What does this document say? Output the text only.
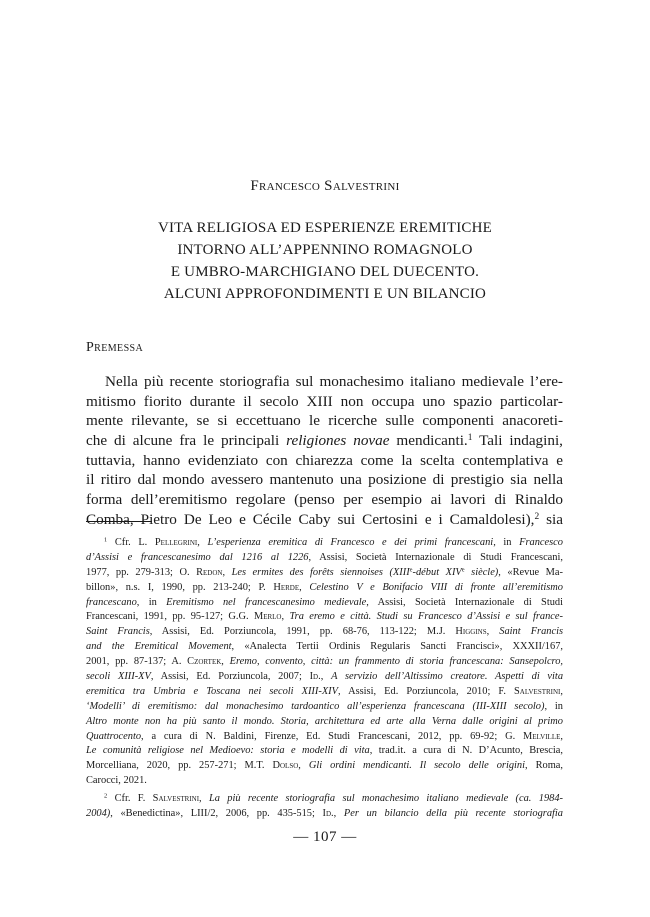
Francesco Salvestrini
VITA RELIGIOSA ED ESPERIENZE EREMITICHE
INTORNO ALL’APPENNINO ROMAGNOLO
E UMBRO-MARCHIGIANO DEL DUECENTO.
ALCUNI APPROFONDIMENTI E UN BILANCIO
Premessa
Nella più recente storiografia sul monachesimo italiano medievale l’ere-
mitismo fiorito durante il secolo XIII non occupa uno spazio particolar-
mente rilevante, se si eccettuano le ricerche sulle componenti anacoreti-
che di alcune fra le principali religiones novae mendicanti.$^1$ Tali indagini,
tuttavia, hanno evidenziato con chiarezza come la scelta contemplativa e
il ritiro dal mondo avessero mantenuto una posizione di prestigio sia nella
forma dell’eremitismo regolare (penso per esempio ai lavori di Rinaldo
Comba, Pietro De Leo e Cécile Caby sui Certosini e i Camaldolesi),$^2$ sia
$^1$ Cfr. L. Pellegrini, L’esperienza eremitica di Francesco e dei primi francescani, in Francesco
d’Assisi e francescanesimo dal 1216 al 1226, Assisi, Società Internazionale di Studi Francescani,
1977, pp. 279-313; O. Redon, Les ermites des forêts siennoises (XIIIe-début XIVe siècle), «Revue Ma-
billon», n.s. I, 1990, pp. 213-240; P. Herde, Celestino V e Bonifacio VIII di fronte all’eremitismo
francescano, in Eremitismo nel francescanesimo medievale, Assisi, Società Internazionale di Studi
Francescani, 1991, pp. 95-127; G.G. Merlo, Tra eremo e città. Studi su Francesco d’Assisi e sul france-
Saint Francis, Assisi, Ed. Porziuncola, 1991, pp. 68-76, 113-122; M.J. Higgins, Saint Francis
and the Eremitical Movement, «Analecta Tertii Ordinis Regularis Sancti Francisci», XXXII/167,
2001, pp. 87-137; A. Czortek, Eremo, convento, città: un frammento di storia francescana: Sansepolcro,
secoli XIII-XV, Assisi, Ed. Porziuncola, 2007; Id., A servizio dell’Altissimo creatore. Aspetti di vita
eremitica tra Umbria e Toscana nei secoli XIII-XIV, Assisi, Ed. Porziuncola, 2010; F. Salvestrini,
‘Modelli’ di eremitismo: dal monachesimo tardoantico all’esperienza francescana (III-XIII secolo), in
Altro monte non ha più santo il mondo. Storia, architettura ed arte alla Verna dalle origini al primo
Quattrocento, a cura di N. Baldini, Firenze, Ed. Studi Francescani, 2012, pp. 69-92; G. Melville,
Le comunità religiose nel Medioevo: storia e modelli di vita, trad.it. a cura di N. D’Acunto, Brescia,
Morcelliana, 2020, pp. 257-271; M.T. Dolso, Gli ordini mendicanti. Il secolo delle origini, Roma,
Carocci, 2021.
$^2$ Cfr. F. Salvestrini, La più recente storiografia sul monachesimo italiano medievale (ca. 1984-
2004), «Benedictina», LIII/2, 2006, pp. 435-515; Id., Per un bilancio della più recente storiografia
— 107 —
